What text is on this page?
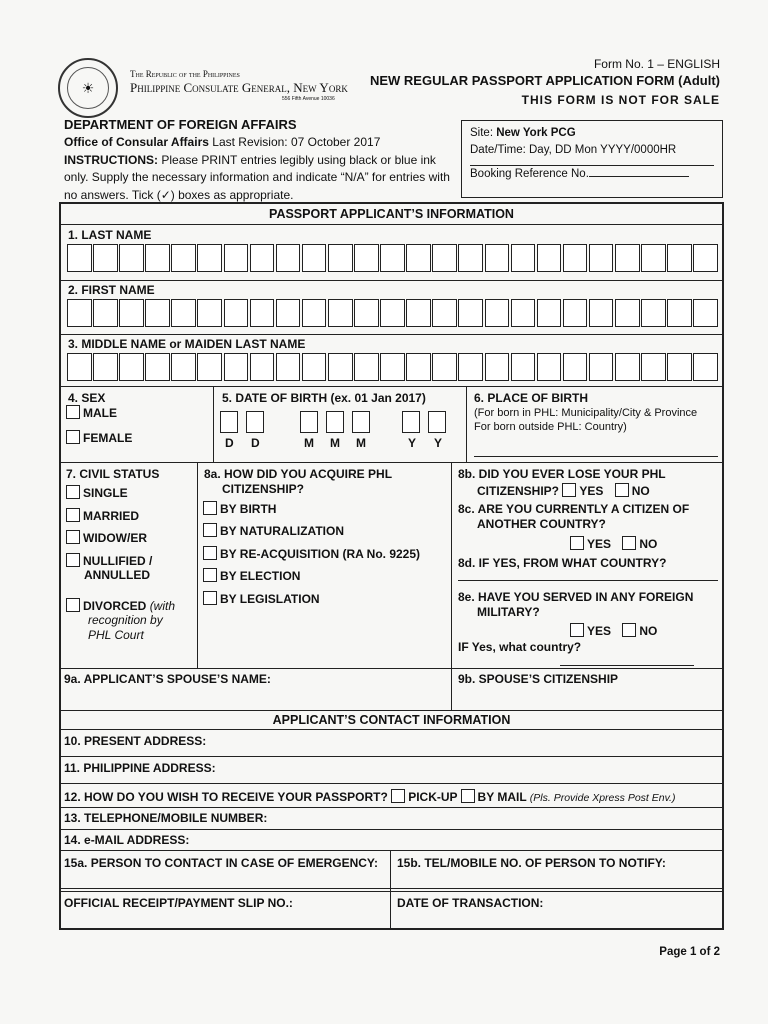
☀
The Republic of the Philippines
Philippine Consulate General, New York
556 Fifth Avenue 10036
Form No. 1 – ENGLISH
NEW REGULAR PASSPORT APPLICATION FORM (Adult)
THIS FORM IS NOT FOR SALE
DEPARTMENT OF FOREIGN AFFAIRS
Office of Consular Affairs Last Revision: 07 October 2017
INSTRUCTIONS: Please PRINT entries legibly using black or blue ink only. Supply the necessary information and indicate “N/A” for entries with no answers. Tick (✓) boxes as appropriate.
Site: New York PCG
Date/Time: Day, DD Mon YYYY/0000HR

Booking Reference No.
PASSPORT APPLICANT’S INFORMATION
1. LAST NAME
2. FIRST NAME
3. MIDDLE NAME or MAIDEN LAST NAME
4. SEX
MALE
FEMALE
5. DATE OF BIRTH (ex. 01 Jan 2017)
D D	M M M	Y Y
6. PLACE OF BIRTH
(For born in PHL: Municipality/City & Province
For born outside PHL: Country)
7. CIVIL STATUS
SINGLE
MARRIED
WIDOW/ER
NULLIFIED /
ANNULLED
DIVORCED (with
recognition by
PHL Court
8a. HOW DID YOU ACQUIRE PHL
CITIZENSHIP?
BY BIRTH
BY NATURALIZATION
BY RE-ACQUISITION (RA No. 9225)
BY ELECTION
BY LEGISLATION
8b. DID YOU EVER LOSE YOUR PHL
CITIZENSHIP? YES NO
8c. ARE YOU CURRENTLY A CITIZEN OF
ANOTHER COUNTRY?
YES NO
8d. IF YES, FROM WHAT COUNTRY?
8e. HAVE YOU SERVED IN ANY FOREIGN
MILITARY?
YES NO
IF Yes, what country?
9a. APPLICANT’S SPOUSE’S NAME:	9b. SPOUSE’S CITIZENSHIP
APPLICANT’S CONTACT INFORMATION
10. PRESENT ADDRESS:
11. PHILIPPINE ADDRESS:
12. HOW DO YOU WISH TO RECEIVE YOUR PASSPORT? PICK-UP BY MAIL (Pls. Provide Xpress Post Env.)
13. TELEPHONE/MOBILE NUMBER:
14. e-MAIL ADDRESS:
15a. PERSON TO CONTACT IN CASE OF EMERGENCY: 15b. TEL/MOBILE NO. OF PERSON TO NOTIFY:
OFFICIAL RECEIPT/PAYMENT SLIP NO.:	DATE OF TRANSACTION:
Page 1 of 2
